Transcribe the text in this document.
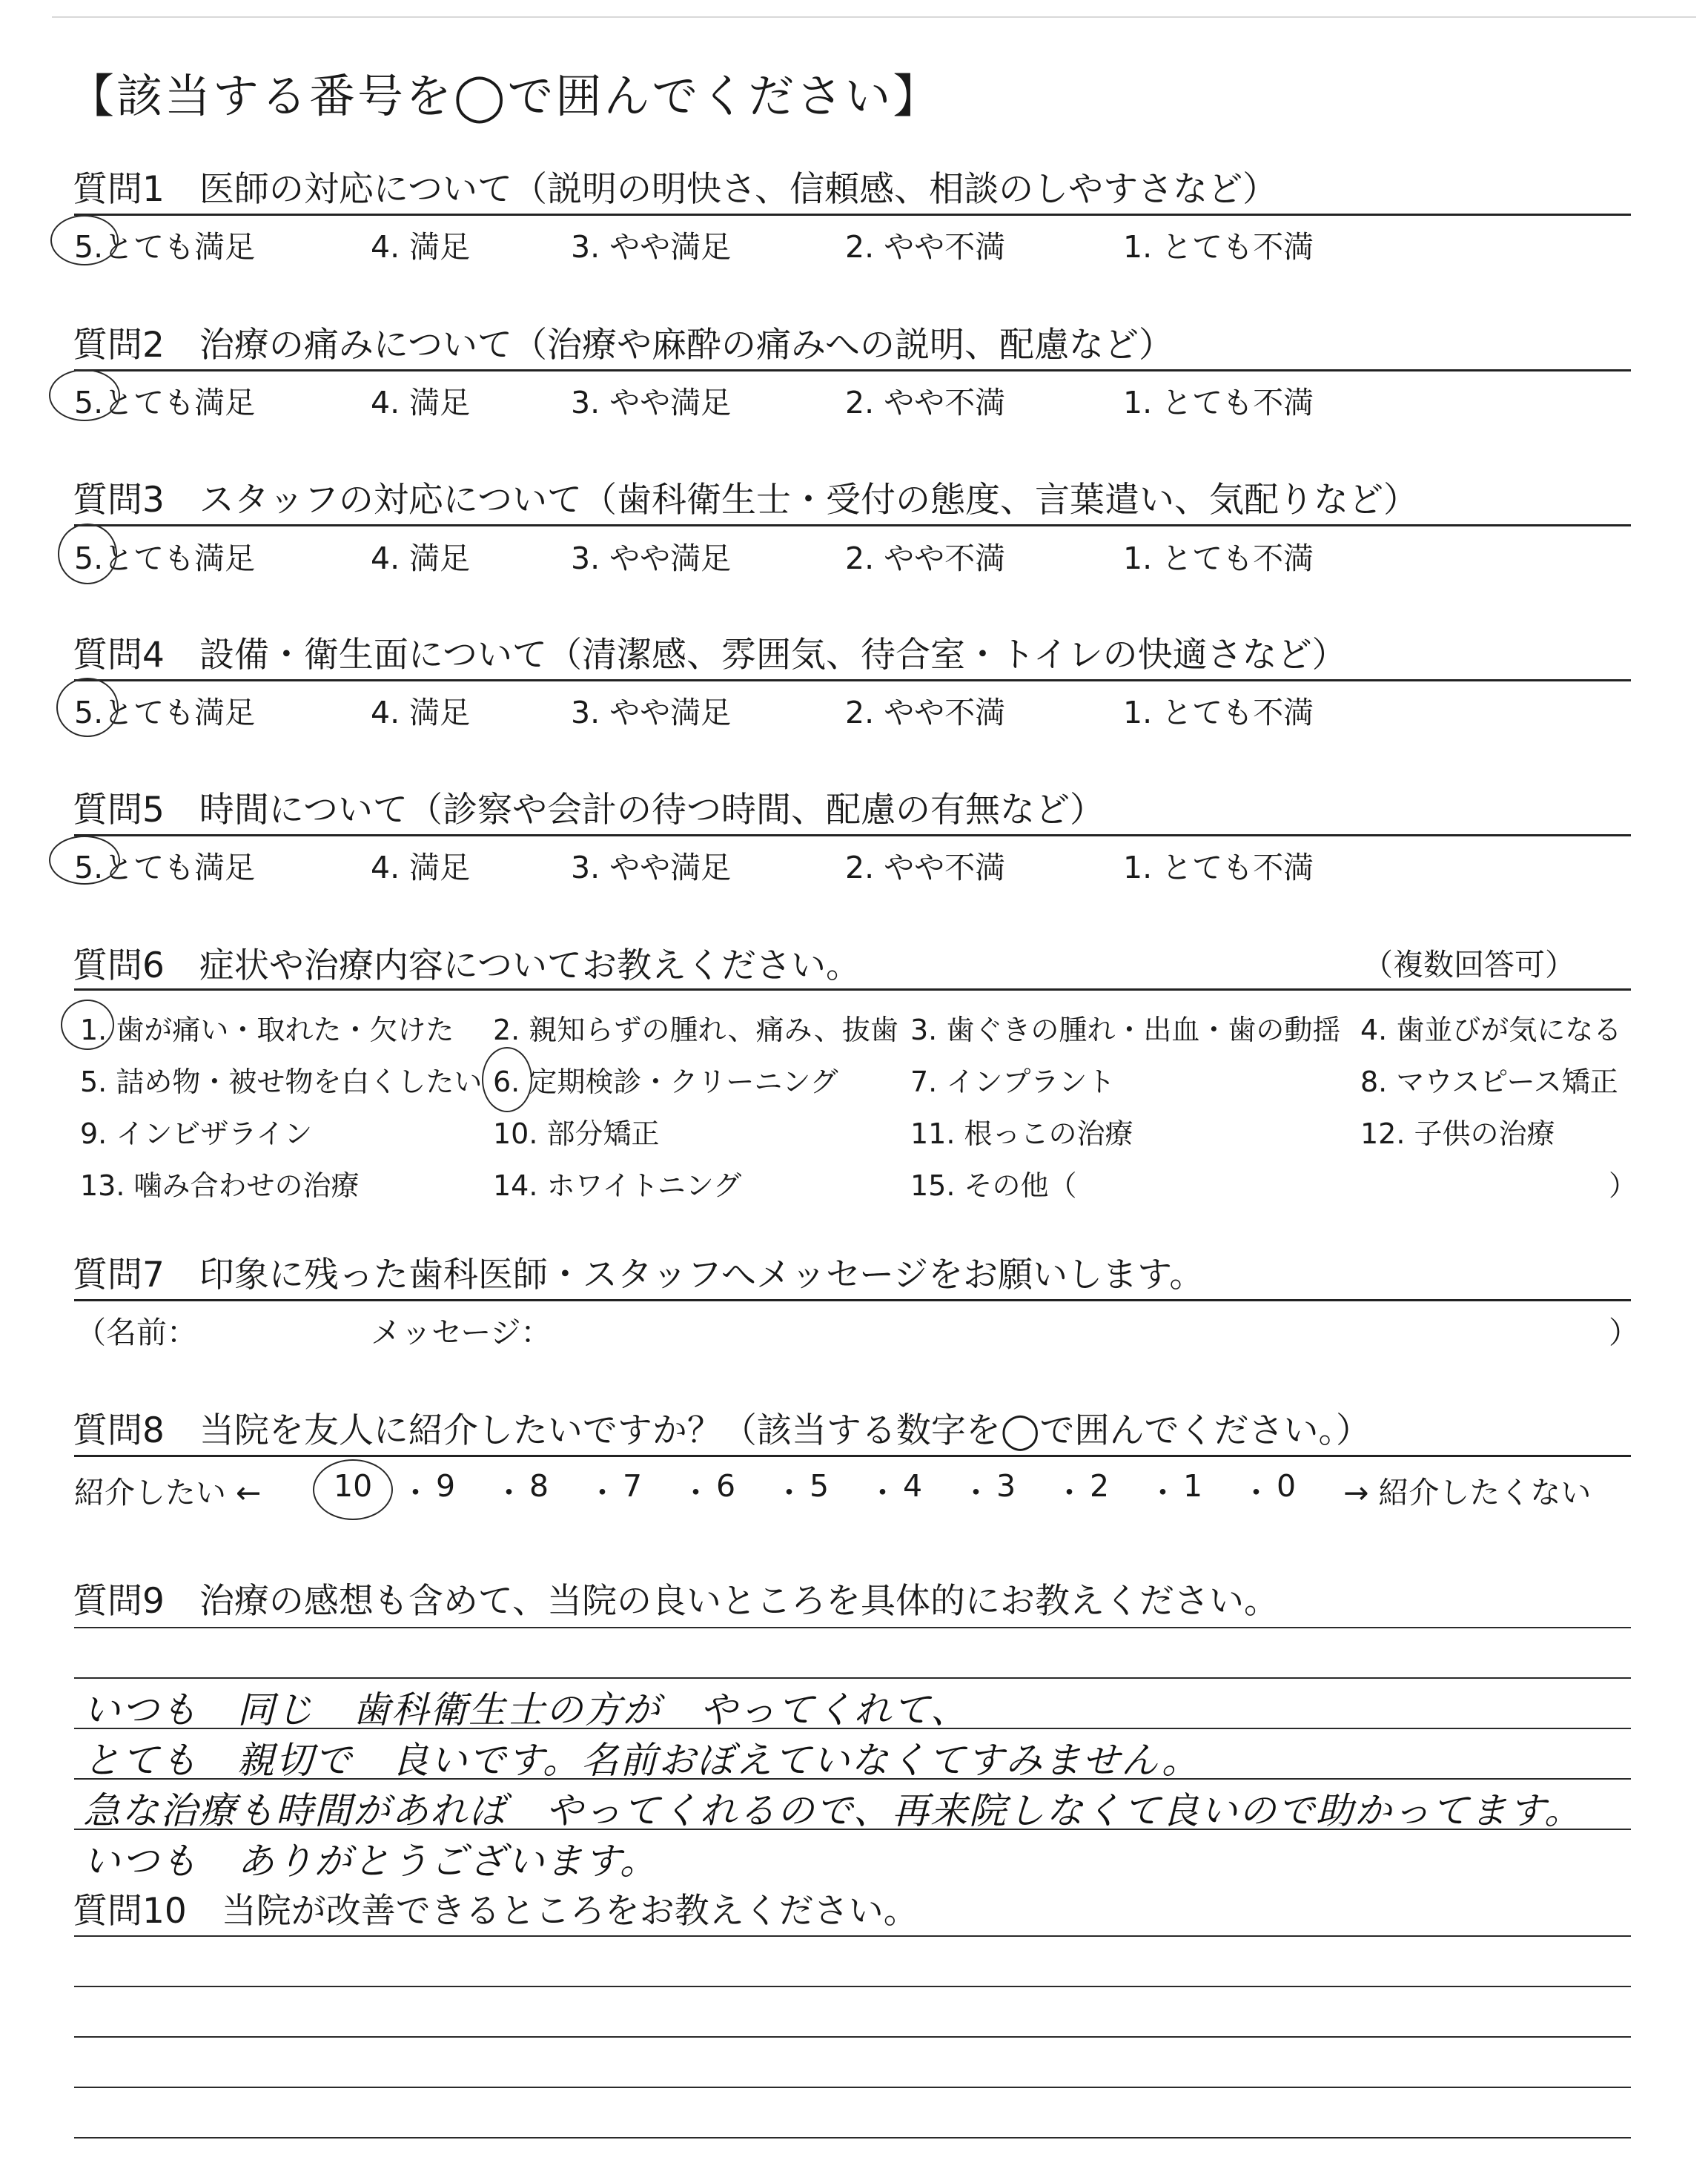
【該当する番号を◯で囲んでください】
質問1　医師の対応について（説明の明快さ、信頼感、相談のしやすさなど）
5.とても満足	4. 満足	3. やや満足	2. やや不満	1. とても不満
質問2　治療の痛みについて（治療や麻酔の痛みへの説明、配慮など）
5.とても満足	4. 満足	3. やや満足	2. やや不満	1. とても不満
質問3　スタッフの対応について（歯科衛生士・受付の態度、言葉遣い、気配りなど）
5.とても満足	4. 満足	3. やや満足	2. やや不満	1. とても不満
質問4　設備・衛生面について（清潔感、雰囲気、待合室・トイレの快適さなど）
5.とても満足	4. 満足	3. やや満足	2. やや不満	1. とても不満
質問5　時間について（診察や会計の待つ時間、配慮の有無など）
5.とても満足	4. 満足	3. やや満足	2. やや不満	1. とても不満
質問6　症状や治療内容についてお教えください。	（複数回答可）
1. 歯が痛い・取れた・欠けた 2. 親知らずの腫れ、痛み、抜歯 3. 歯ぐきの腫れ・出血・歯の動揺 4. 歯並びが気になる
5. 詰め物・被せ物を白くしたい 6. 定期検診・クリーニング	7. インプラント	8. マウスピース矯正
9. インビザライン	10. 部分矯正	11. 根っこの治療	12. 子供の治療
13. 噛み合わせの治療	14. ホワイトニング	15. その他（	）
質問7　印象に残った歯科医師・スタッフへメッセージをお願いします。
（名前：	メッセージ：	）
質問8　当院を友人に紹介したいですか？（該当する数字を◯で囲んでください。）
紹介したい ← 10 ・ 9 ・ 8 ・ 7 ・ 6 ・ 5 ・ 4 ・ 3 ・ 2 ・ 1 ・ 0 → 紹介したくない
質問9　治療の感想も含めて、当院の良いところを具体的にお教えください。
いつも　同じ　歯科衛生士の方が　やってくれて、
とても　親切で　良いです。名前おぼえていなくてすみません。
急な治療も時間があれば　やってくれるので、再来院しなくて良いので助かってます。
いつも　ありがとうございます。
質問10　当院が改善できるところをお教えください。
